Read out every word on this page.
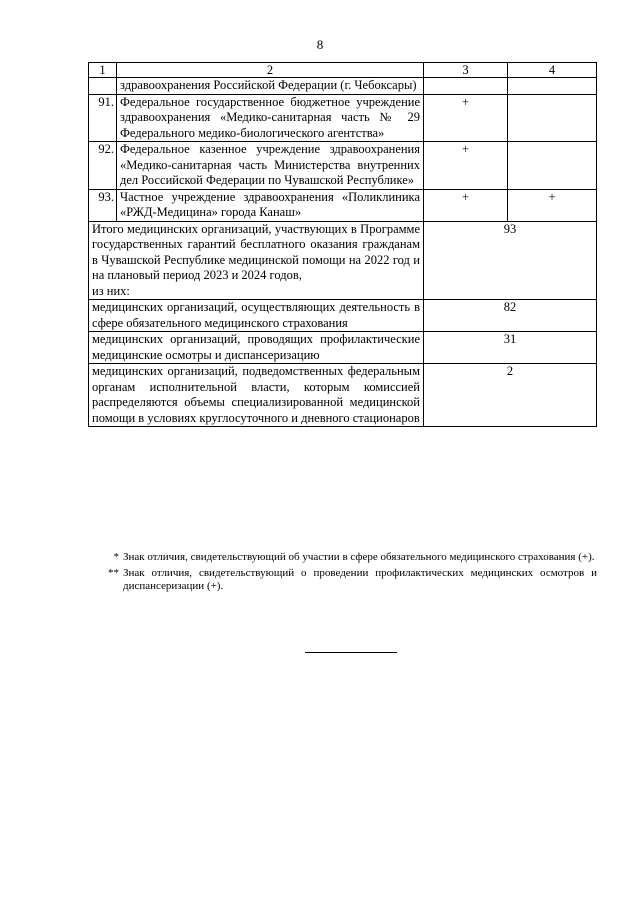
8
1	2	3	4
	здравоохранения Российской Федерации (г. Чебоксары)		
91.	Федеральное государственное бюджетное учреждение здравоохранения «Медико-санитарная часть № 29 Федерального медико-биологического агентства»	+	
92.	Федеральное казенное учреждение здравоохранения «Медико-санитарная часть Министерства внутренних дел Российской Федерации по Чувашской Республике»	+	
93.	Частное учреждение здравоохранения «Поликлиника «РЖД-Медицина» города Канаш»	+	+

Итого медицинских организаций, участвующих в Программе государственных гарантий бесплатного оказания гражданам в Чувашской Республике медицинской помощи на 2022 год и на плановый период 2023 и 2024 годов,
из них:		93	
медицинских организаций, осуществляющих деятельность в сфере обязательного медицинского страхования		82	
медицинских организаций, проводящих профилактические медицинские осмотры и диспансеризацию		31	
медицинских организаций, подведомственных федеральным органам исполнительной власти, которым комиссией распределяются объемы специализированной медицинской помощи в условиях круглосуточного и дневного стационаров		2	
* Знак отличия, свидетельствующий об участии в сфере обязательного медицинского страхования (+).
** Знак отличия, свидетельствующий о проведении профилактических медицинских осмотров и диспансеризации (+).
